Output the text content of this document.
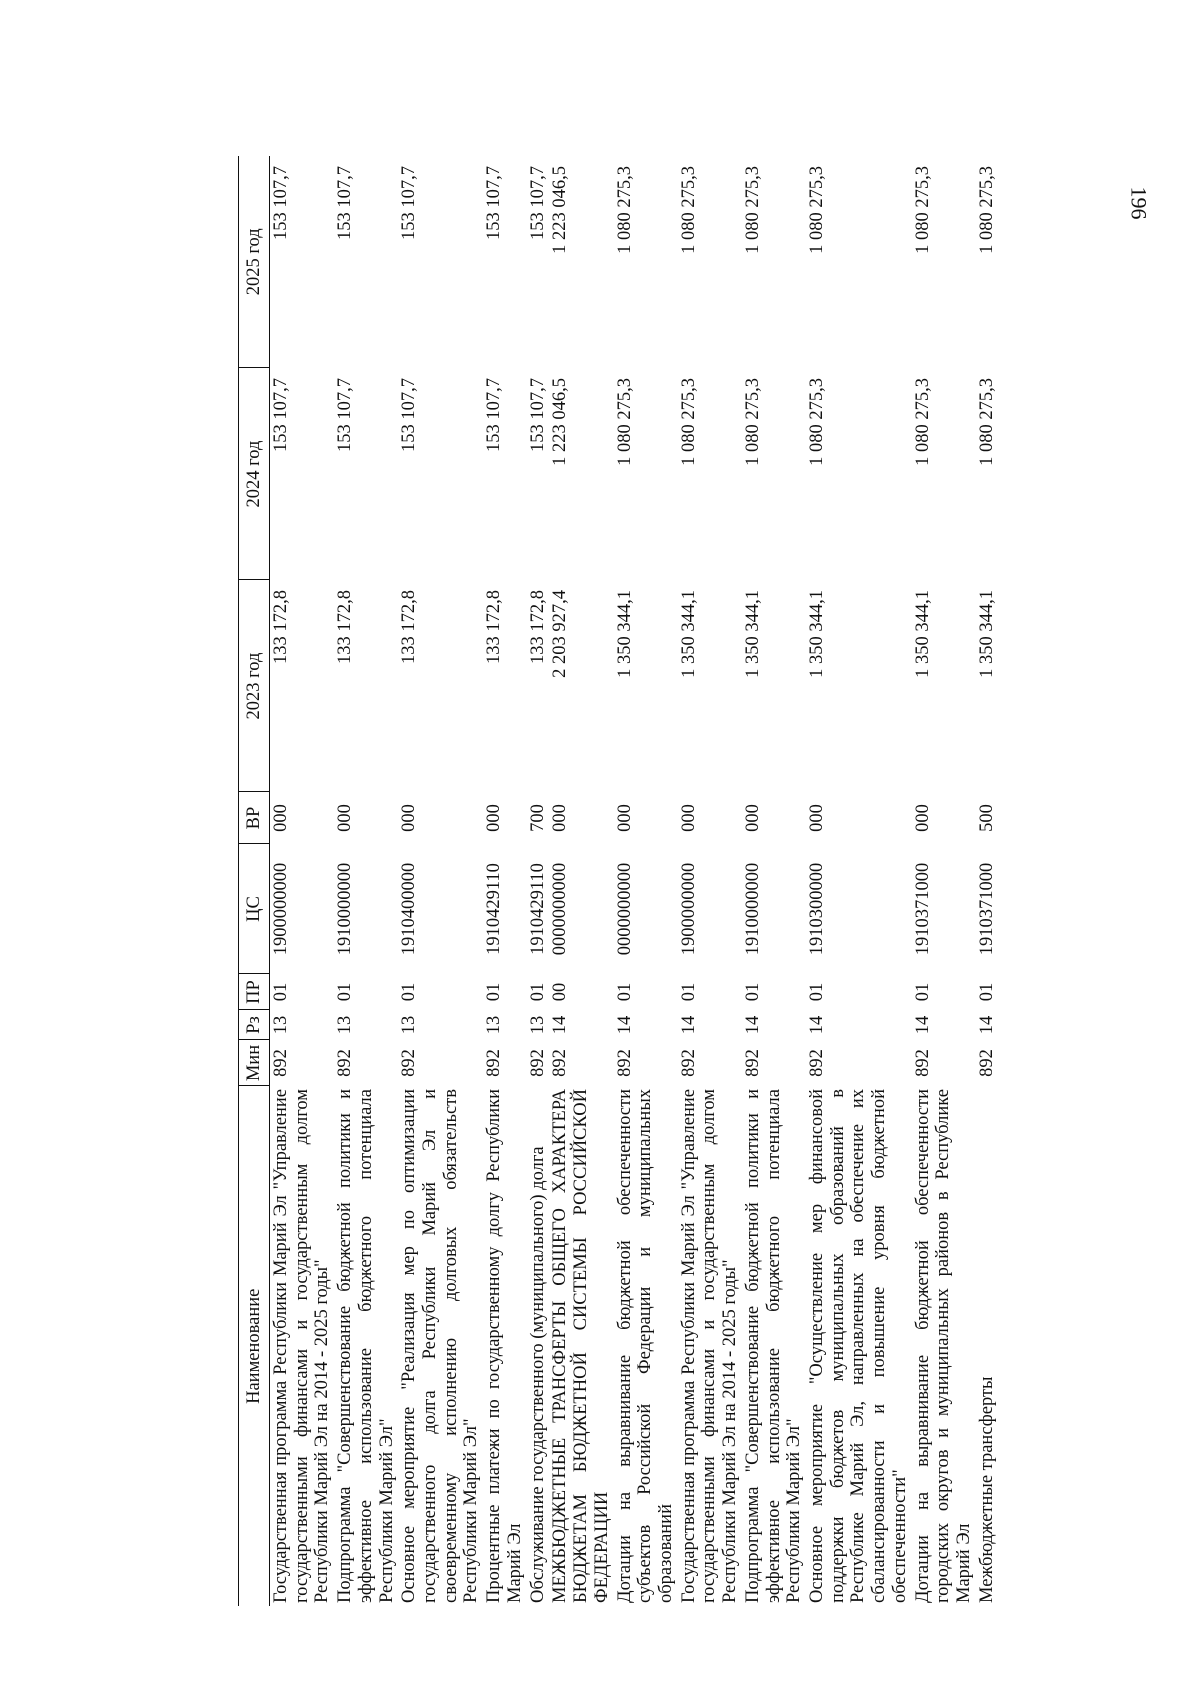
196
Наименование	Мин	Рз	ПР	ЦС	ВР	2023 год	2024 год	2025 год
Государственная программа Республики Марий Эл "Управление государственными финансами и государственным долгом Республики Марий Эл на 2014 - 2025 годы"	892	13	01	1900000000	000	133 172,8	153 107,7	153 107,7
Подпрограмма "Совершенствование бюджетной политики и эффективное использование бюджетного потенциала Республики Марий Эл"	892	13	01	1910000000	000	133 172,8	153 107,7	153 107,7
Основное мероприятие "Реализация мер по оптимизации государственного долга Республики Марий Эл и своевременному исполнению долговых обязательств Республики Марий Эл"	892	13	01	1910400000	000	133 172,8	153 107,7	153 107,7
Процентные платежи по государственному долгу Республики Марий Эл	892	13	01	1910429110	000	133 172,8	153 107,7	153 107,7
Обслуживание государственного (муниципального) долга	892	13	01	1910429110	700	133 172,8	153 107,7	153 107,7
МЕЖБЮДЖЕТНЫЕ ТРАНСФЕРТЫ ОБЩЕГО ХАРАКТЕРА БЮДЖЕТАМ БЮДЖЕТНОЙ СИСТЕМЫ РОССИЙСКОЙ ФЕДЕРАЦИИ	892	14	00	0000000000	000	2 203 927,4	1 223 046,5	1 223 046,5
Дотации на выравнивание бюджетной обеспеченности субъектов Российской Федерации и муниципальных образований	892	14	01	0000000000	000	1 350 344,1	1 080 275,3	1 080 275,3
Государственная программа Республики Марий Эл "Управление государственными финансами и государственным долгом Республики Марий Эл на 2014 - 2025 годы"	892	14	01	1900000000	000	1 350 344,1	1 080 275,3	1 080 275,3
Подпрограмма "Совершенствование бюджетной политики и эффективное использование бюджетного потенциала Республики Марий Эл"	892	14	01	1910000000	000	1 350 344,1	1 080 275,3	1 080 275,3
Основное мероприятие "Осуществление мер финансовой поддержки бюджетов муниципальных образований в Республике Марий Эл, направленных на обеспечение их сбалансированности и повышение уровня бюджетной обеспеченности"	892	14	01	1910300000	000	1 350 344,1	1 080 275,3	1 080 275,3
Дотации на выравнивание бюджетной обеспеченности городских округов и муниципальных районов в Республике Марий Эл	892	14	01	1910371000	000	1 350 344,1	1 080 275,3	1 080 275,3
Межбюджетные трансферты	892	14	01	1910371000	500	1 350 344,1	1 080 275,3	1 080 275,3
